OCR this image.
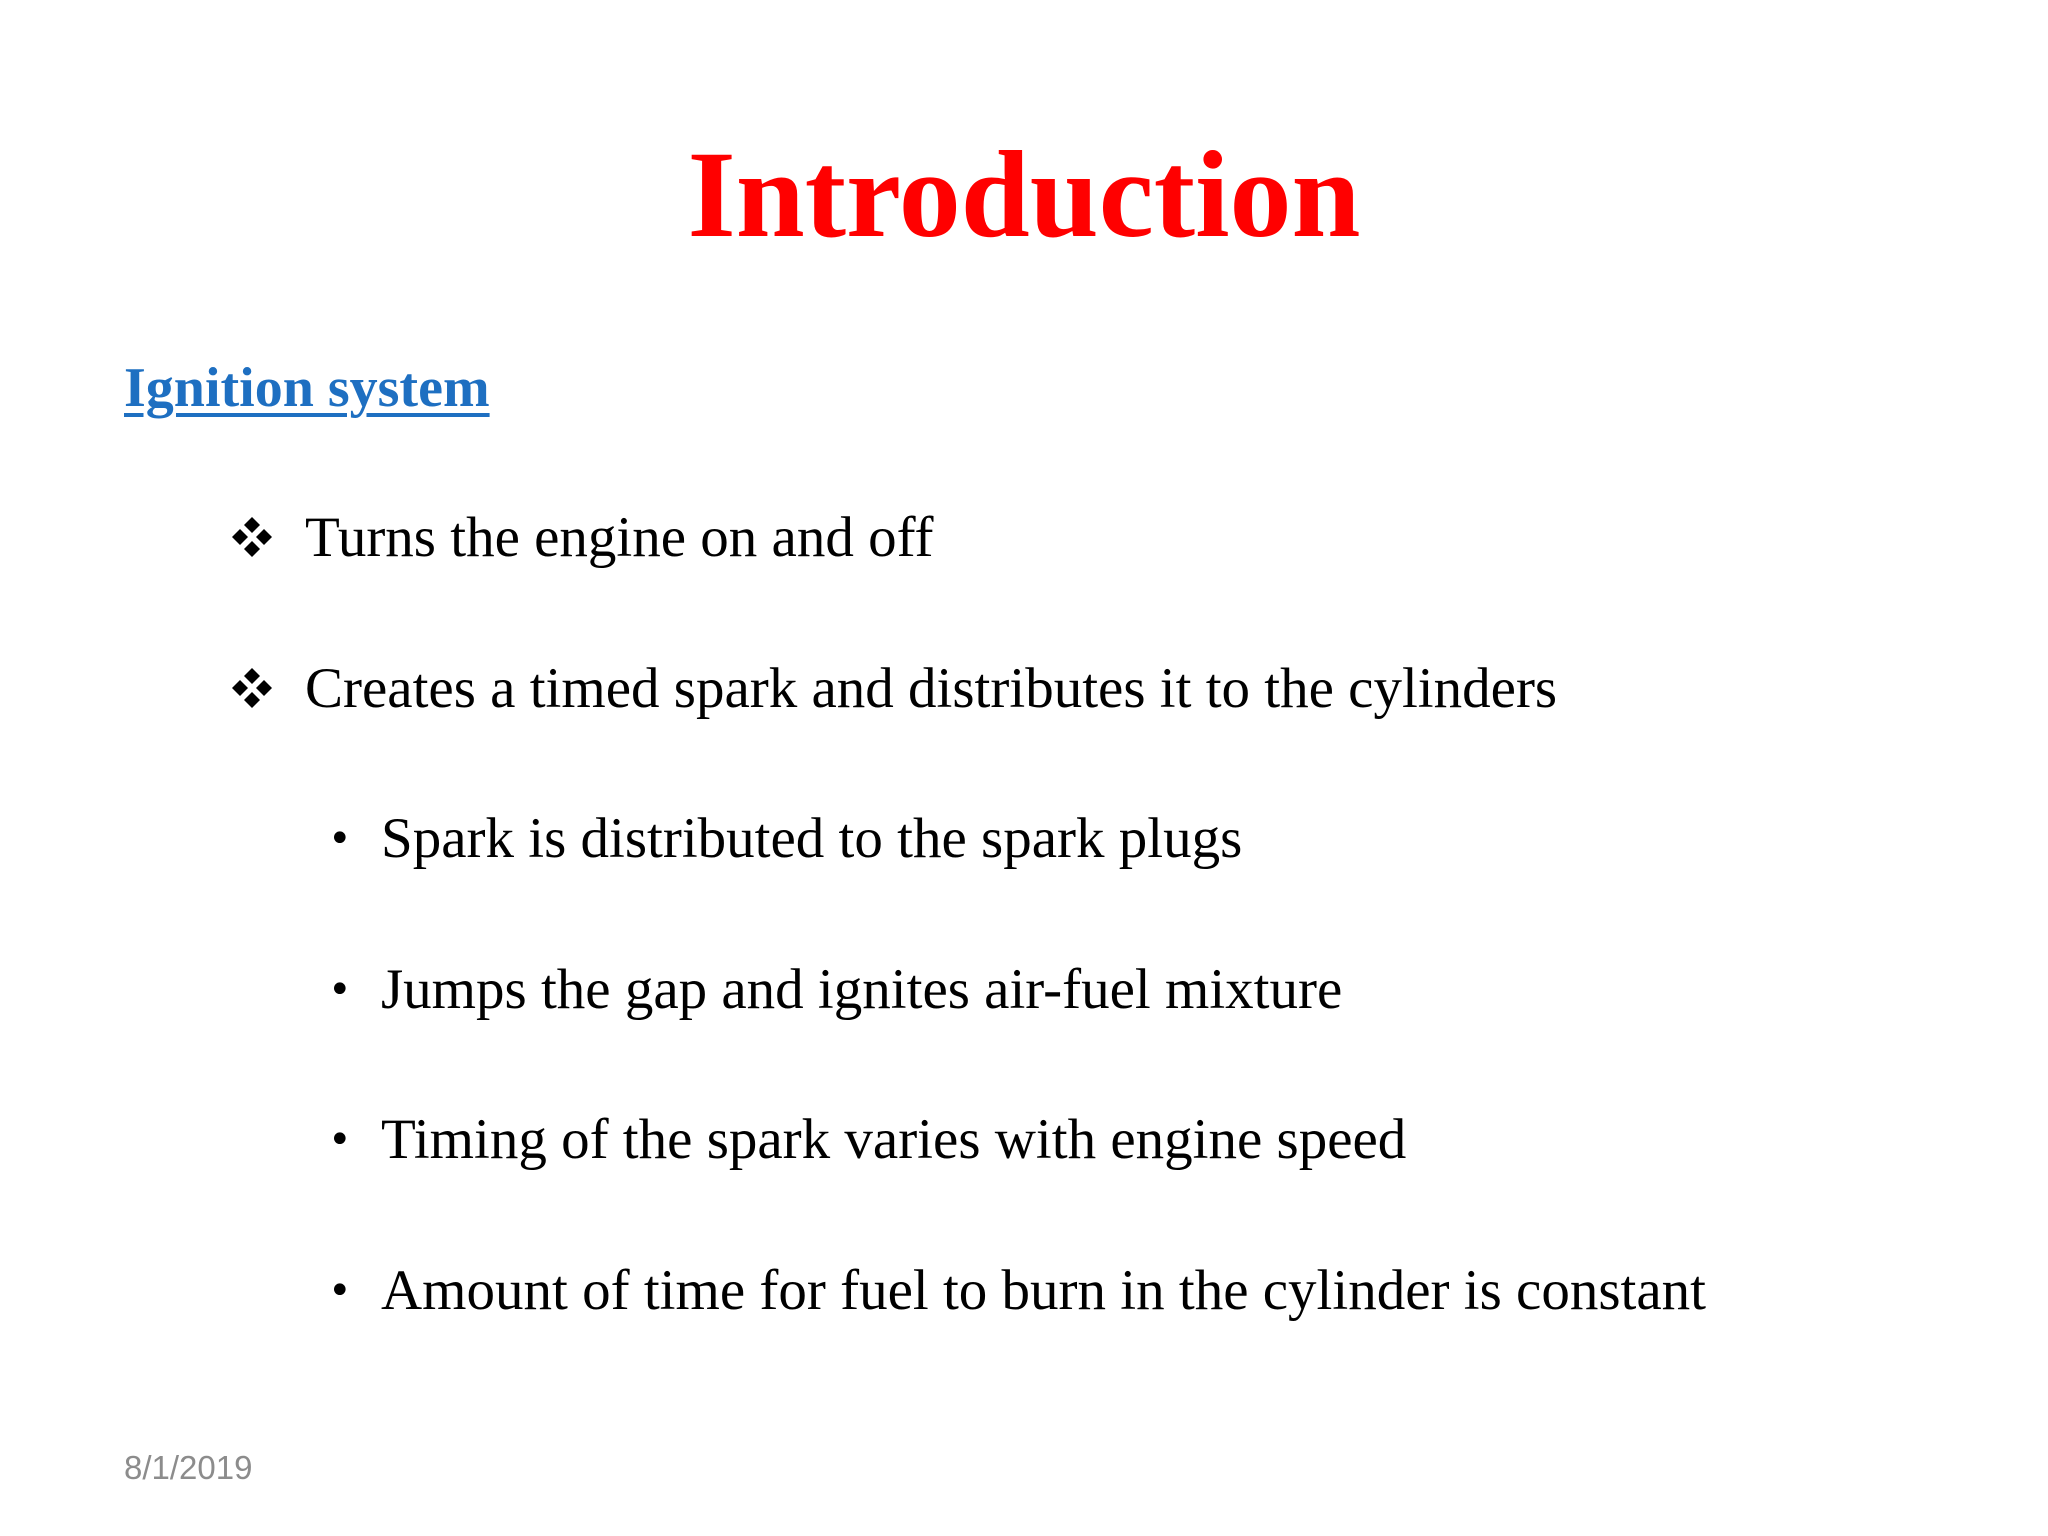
Introduction
Ignition system
Turns the engine on and off
Creates a timed spark and distributes it to the cylinders
• Spark is distributed to the spark plugs
• Jumps the gap and ignites air-fuel mixture
• Timing of the spark varies with engine speed
• Amount of time for fuel to burn in the cylinder is constant
8/1/2019
